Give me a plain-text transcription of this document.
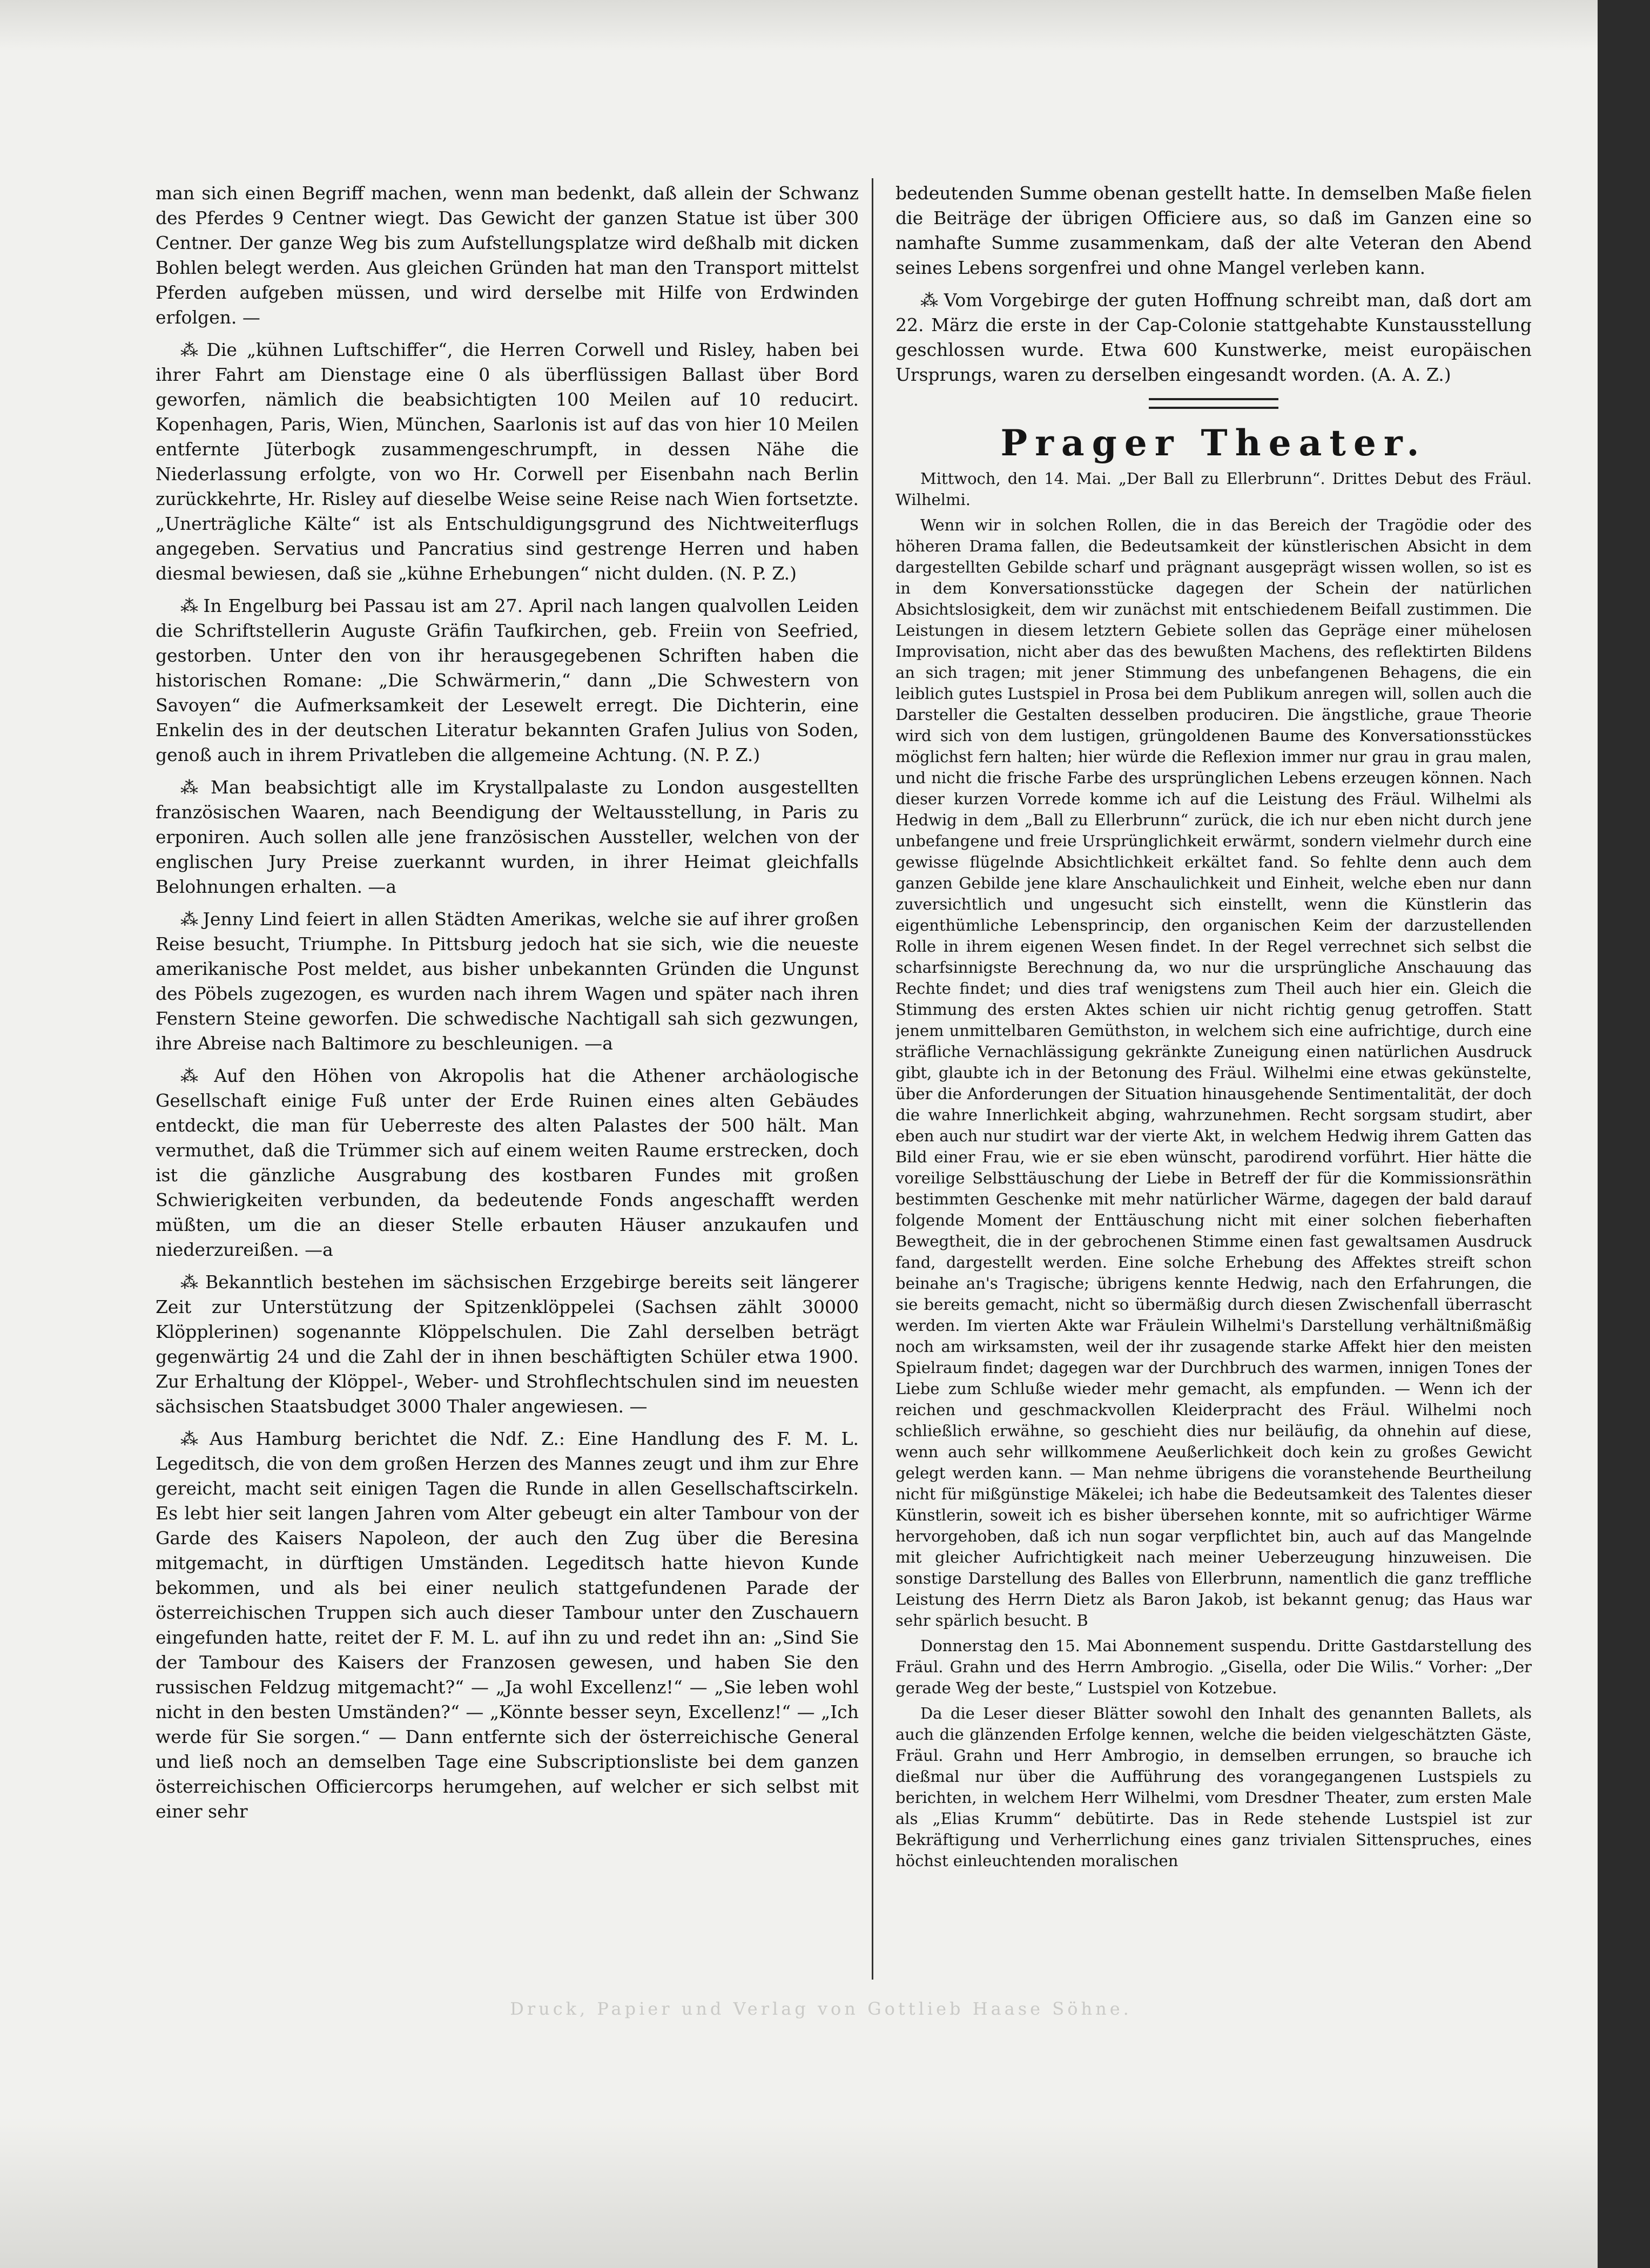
man sich einen Begriff machen, wenn man bedenkt, daß allein der Schwanz des Pferdes 9 Centner wiegt. Das Gewicht der ganzen Statue ist über 300 Centner. Der ganze Weg bis zum Aufstellungsplatze wird deßhalb mit dicken Bohlen belegt werden. Aus gleichen Gründen hat man den Transport mittelst Pferden aufgeben müssen, und wird derselbe mit Hilfe von Erdwinden erfolgen. —

⁂ Die „kühnen Luftschiffer“, die Herren Corwell und Risley, haben bei ihrer Fahrt am Dienstage eine 0 als überflüssigen Ballast über Bord geworfen, nämlich die beabsichtigten 100 Meilen auf 10 reducirt. Kopenhagen, Paris, Wien, München, Saarlonis ist auf das von hier 10 Meilen entfernte Jüterbogk zusammengeschrumpft, in dessen Nähe die Niederlassung erfolgte, von wo Hr. Corwell per Eisenbahn nach Berlin zurückkehrte, Hr. Risley auf dieselbe Weise seine Reise nach Wien fortsetzte. „Unerträgliche Kälte“ ist als Entschuldigungsgrund des Nichtweiterflugs angegeben. Servatius und Pancratius sind gestrenge Herren und haben diesmal bewiesen, daß sie „kühne Erhebungen“ nicht dulden. (N. P. Z.)

⁂ In Engelburg bei Passau ist am 27. April nach langen qualvollen Leiden die Schriftstellerin Auguste Gräfin Taufkirchen, geb. Freiin von Seefried, gestorben. Unter den von ihr herausgegebenen Schriften haben die historischen Romane: „Die Schwärmerin,“ dann „Die Schwestern von Savoyen“ die Aufmerksamkeit der Lesewelt erregt. Die Dichterin, eine Enkelin des in der deutschen Literatur bekannten Grafen Julius von Soden, genoß auch in ihrem Privatleben die allgemeine Achtung. (N. P. Z.)

⁂ Man beabsichtigt alle im Krystallpalaste zu London ausgestellten französischen Waaren, nach Beendigung der Weltausstellung, in Paris zu erponiren. Auch sollen alle jene französischen Aussteller, welchen von der englischen Jury Preise zuerkannt wurden, in ihrer Heimat gleichfalls Belohnungen erhalten. —a

⁂ Jenny Lind feiert in allen Städten Amerikas, welche sie auf ihrer großen Reise besucht, Triumphe. In Pittsburg jedoch hat sie sich, wie die neueste amerikanische Post meldet, aus bisher unbekannten Gründen die Ungunst des Pöbels zugezogen, es wurden nach ihrem Wagen und später nach ihren Fenstern Steine geworfen. Die schwedische Nachtigall sah sich gezwungen, ihre Abreise nach Baltimore zu beschleunigen. —a

⁂ Auf den Höhen von Akropolis hat die Athener archäologische Gesellschaft einige Fuß unter der Erde Ruinen eines alten Gebäudes entdeckt, die man für Ueberreste des alten Palastes der 500 hält. Man vermuthet, daß die Trümmer sich auf einem weiten Raume erstrecken, doch ist die gänzliche Ausgrabung des kostbaren Fundes mit großen Schwierigkeiten verbunden, da bedeutende Fonds angeschafft werden müßten, um die an dieser Stelle erbauten Häuser anzukaufen und niederzureißen. —a

⁂ Bekanntlich bestehen im sächsischen Erzgebirge bereits seit längerer Zeit zur Unterstützung der Spitzenklöppelei (Sachsen zählt 30000 Klöpplerinen) sogenannte Klöppelschulen. Die Zahl derselben beträgt gegenwärtig 24 und die Zahl der in ihnen beschäftigten Schüler etwa 1900. Zur Erhaltung der Klöppel-, Weber- und Strohflechtschulen sind im neuesten sächsischen Staatsbudget 3000 Thaler angewiesen. —

⁂ Aus Hamburg berichtet die Ndf. Z.: Eine Handlung des F. M. L. Legeditsch, die von dem großen Herzen des Mannes zeugt und ihm zur Ehre gereicht, macht seit einigen Tagen die Runde in allen Gesellschaftscirkeln. Es lebt hier seit langen Jahren vom Alter gebeugt ein alter Tambour von der Garde des Kaisers Napoleon, der auch den Zug über die Beresina mitgemacht, in dürftigen Umständen. Legeditsch hatte hievon Kunde bekommen, und als bei einer neulich stattgefundenen Parade der österreichischen Truppen sich auch dieser Tambour unter den Zuschauern eingefunden hatte, reitet der F. M. L. auf ihn zu und redet ihn an: „Sind Sie der Tambour des Kaisers der Franzosen gewesen, und haben Sie den russischen Feldzug mitgemacht?“ — „Ja wohl Excellenz!“ — „Sie leben wohl nicht in den besten Umständen?“ — „Könnte besser seyn, Excellenz!“ — „Ich werde für Sie sorgen.“ — Dann entfernte sich der österreichische General und ließ noch an demselben Tage eine Subscriptionsliste bei dem ganzen österreichischen Officiercorps herumgehen, auf welcher er sich selbst mit einer sehr

bedeutenden Summe obenan gestellt hatte. In demselben Maße fielen die Beiträge der übrigen Officiere aus, so daß im Ganzen eine so namhafte Summe zusammenkam, daß der alte Veteran den Abend seines Lebens sorgenfrei und ohne Mangel verleben kann.

⁂ Vom Vorgebirge der guten Hoffnung schreibt man, daß dort am 22. März die erste in der Cap-Colonie stattgehabte Kunstausstellung geschlossen wurde. Etwa 600 Kunstwerke, meist europäischen Ursprungs, waren zu derselben eingesandt worden. (A. A. Z.)

Prager Theater.

Mittwoch, den 14. Mai. „Der Ball zu Ellerbrunn“. Drittes Debut des Fräul. Wilhelmi.

Wenn wir in solchen Rollen, die in das Bereich der Tragödie oder des höheren Drama fallen, die Bedeutsamkeit der künstlerischen Absicht in dem dargestellten Gebilde scharf und prägnant ausgeprägt wissen wollen, so ist es in dem Konversationsstücke dagegen der Schein der natürlichen Absichtslosigkeit, dem wir zunächst mit entschiedenem Beifall zustimmen. Die Leistungen in diesem letztern Gebiete sollen das Gepräge einer mühelosen Improvisation, nicht aber das des bewußten Machens, des reflektirten Bildens an sich tragen; mit jener Stimmung des unbefangenen Behagens, die ein leiblich gutes Lustspiel in Prosa bei dem Publikum anregen will, sollen auch die Darsteller die Gestalten desselben produciren. Die ängstliche, graue Theorie wird sich von dem lustigen, grüngoldenen Baume des Konversationsstückes möglichst fern halten; hier würde die Reflexion immer nur grau in grau malen, und nicht die frische Farbe des ursprünglichen Lebens erzeugen können. Nach dieser kurzen Vorrede komme ich auf die Leistung des Fräul. Wilhelmi als Hedwig in dem „Ball zu Ellerbrunn“ zurück, die ich nur eben nicht durch jene unbefangene und freie Ursprünglichkeit erwärmt, sondern vielmehr durch eine gewisse flügelnde Absichtlichkeit erkältet fand. So fehlte denn auch dem ganzen Gebilde jene klare Anschaulichkeit und Einheit, welche eben nur dann zuversichtlich und ungesucht sich einstellt, wenn die Künstlerin das eigenthümliche Lebensprincip, den organischen Keim der darzustellenden Rolle in ihrem eigenen Wesen findet. In der Regel verrechnet sich selbst die scharfsinnigste Berechnung da, wo nur die ursprüngliche Anschauung das Rechte findet; und dies traf wenigstens zum Theil auch hier ein. Gleich die Stimmung des ersten Aktes schien uir nicht richtig genug getroffen. Statt jenem unmittelbaren Gemüthston, in welchem sich eine aufrichtige, durch eine sträfliche Vernachlässigung gekränkte Zuneigung einen natürlichen Ausdruck gibt, glaubte ich in der Betonung des Fräul. Wilhelmi eine etwas gekünstelte, über die Anforderungen der Situation hinausgehende Sentimentalität, der doch die wahre Innerlichkeit abging, wahrzunehmen. Recht sorgsam studirt, aber eben auch nur studirt war der vierte Akt, in welchem Hedwig ihrem Gatten das Bild einer Frau, wie er sie eben wünscht, parodirend vorführt. Hier hätte die voreilige Selbsttäuschung der Liebe in Betreff der für die Kommissionsräthin bestimmten Geschenke mit mehr natürlicher Wärme, dagegen der bald darauf folgende Moment der Enttäuschung nicht mit einer solchen fieberhaften Bewegtheit, die in der gebrochenen Stimme einen fast gewaltsamen Ausdruck fand, dargestellt werden. Eine solche Erhebung des Affektes streift schon beinahe an's Tragische; übrigens kennte Hedwig, nach den Erfahrungen, die sie bereits gemacht, nicht so übermäßig durch diesen Zwischenfall überrascht werden. Im vierten Akte war Fräulein Wilhelmi's Darstellung verhältnißmäßig noch am wirksamsten, weil der ihr zusagende starke Affekt hier den meisten Spielraum findet; dagegen war der Durchbruch des warmen, innigen Tones der Liebe zum Schluße wieder mehr gemacht, als empfunden. — Wenn ich der reichen und geschmackvollen Kleiderpracht des Fräul. Wilhelmi noch schließlich erwähne, so geschieht dies nur beiläufig, da ohnehin auf diese, wenn auch sehr willkommene Aeußerlichkeit doch kein zu großes Gewicht gelegt werden kann. — Man nehme übrigens die voranstehende Beurtheilung nicht für mißgünstige Mäkelei; ich habe die Bedeutsamkeit des Talentes dieser Künstlerin, soweit ich es bisher übersehen konnte, mit so aufrichtiger Wärme hervorgehoben, daß ich nun sogar verpflichtet bin, auch auf das Mangelnde mit gleicher Aufrichtigkeit nach meiner Ueberzeugung hinzuweisen. Die sonstige Darstellung des Balles von Ellerbrunn, namentlich die ganz treffliche Leistung des Herrn Dietz als Baron Jakob, ist bekannt genug; das Haus war sehr spärlich besucht. B

Donnerstag den 15. Mai Abonnement suspendu. Dritte Gastdarstellung des Fräul. Grahn und des Herrn Ambrogio. „Gisella, oder Die Wilis.“ Vorher: „Der gerade Weg der beste,“ Lustspiel von Kotzebue.

Da die Leser dieser Blätter sowohl den Inhalt des genannten Ballets, als auch die glänzenden Erfolge kennen, welche die beiden vielgeschätzten Gäste, Fräul. Grahn und Herr Ambrogio, in demselben errungen, so brauche ich dießmal nur über die Aufführung des vorangegangenen Lustspiels zu berichten, in welchem Herr Wilhelmi, vom Dresdner Theater, zum ersten Male als „Elias Krumm“ debütirte. Das in Rede stehende Lustspiel ist zur Bekräftigung und Verherrlichung eines ganz trivialen Sittenspruches, eines höchst einleuchtenden moralischen

Druck, Papier und Verlag von Gottlieb Haase Söhne.
